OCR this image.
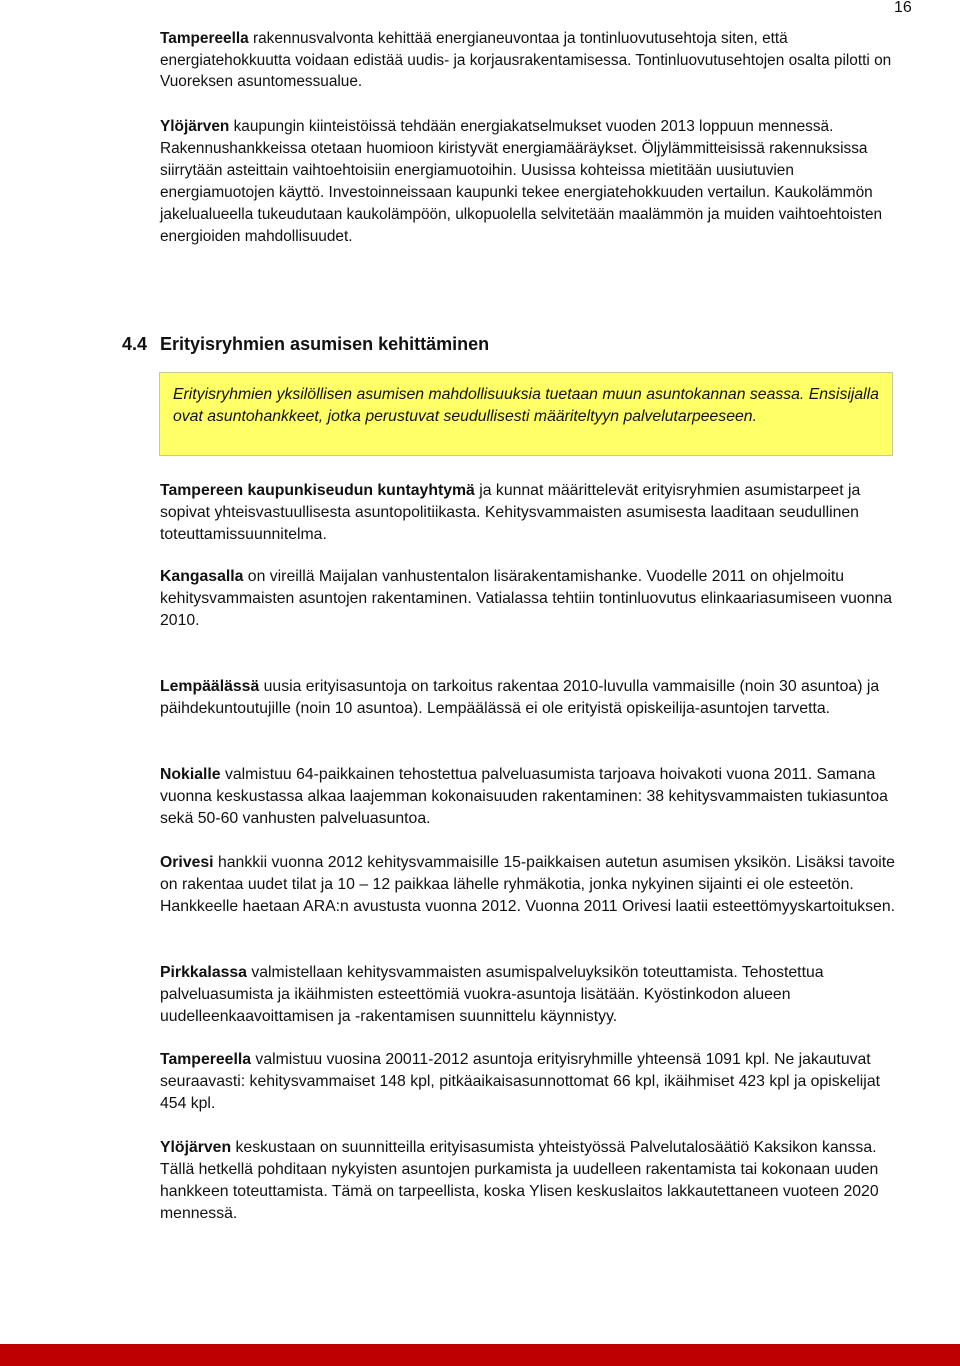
16

Tampereella rakennusvalvonta kehittää energianeuvontaa ja tontinluovutusehtoja siten, että energiatehokkuutta voidaan edistää uudis- ja korjausrakentamisessa. Tontinluovutusehtojen osalta pilotti on Vuoreksen asuntomessualue.

Ylöjärven kaupungin kiinteistöissä tehdään energiakatselmukset vuoden 2013 loppuun mennessä. Rakennushankkeissa otetaan huomioon kiristyvät energiamääräykset. Öljylämmitteisissä rakennuksissa siirrytään asteittain vaihtoehtoisiin energiamuotoihin. Uusissa kohteissa mietitään uusiutuvien energiamuotojen käyttö. Investoinneissaan kaupunki tekee energiatehokkuuden vertailun. Kaukolämmön jakelualueella tukeudutaan kaukolämpöön, ulkopuolella selvitetään maalämmön ja muiden vaihtoehtoisten energioiden mahdollisuudet.

4.4 Erityisryhmien asumisen kehittäminen
Erityisryhmien yksilöllisen asumisen mahdollisuuksia tuetaan muun asuntokannan seassa. Ensisijalla ovat asuntohankkeet, jotka perustuvat seudullisesti määriteltyyn palvelutarpeeseen.

Tampereen kaupunkiseudun kuntayhtymä ja kunnat määrittelevät erityisryhmien asumistarpeet ja sopivat yhteisvastuullisesta asuntopolitiikasta. Kehitysvammaisten asumisesta laaditaan seudullinen toteuttamissuunnitelma.

Kangasalla on vireillä Maijalan vanhustentalon lisärakentamishanke. Vuodelle 2011 on ohjelmoitu kehitysvammaisten asuntojen rakentaminen. Vatialassa tehtiin tontinluovutus elinkaariasumiseen vuonna 2010.

Lempäälässä uusia erityisasuntoja on tarkoitus rakentaa 2010-luvulla vammaisille (noin 30 asuntoa) ja päihdekuntoutujille (noin 10 asuntoa). Lempäälässä ei ole erityistä opiskeilija-asuntojen tarvetta.

Nokialle valmistuu 64-paikkainen tehostettua palveluasumista tarjoava hoivakoti vuona 2011. Samana vuonna keskustassa alkaa laajemman kokonaisuuden rakentaminen: 38 kehitysvammaisten tukiasuntoa sekä 50-60 vanhusten palveluasuntoa.

Orivesi hankkii vuonna 2012 kehitysvammaisille 15-paikkaisen autetun asumisen yksikön. Lisäksi tavoite on rakentaa uudet tilat ja 10 – 12 paikkaa lähelle ryhmäkotia, jonka nykyinen sijainti ei ole esteetön. Hankkeelle haetaan ARA:n avustusta vuonna 2012. Vuonna 2011 Orivesi laatii esteettömyyskartoituksen.

Pirkkalassa valmistellaan kehitysvammaisten asumispalveluyksikön toteuttamista. Tehostettua palveluasumista ja ikäihmisten esteettömiä vuokra-asuntoja lisätään. Kyöstinkodon alueen uudelleenkaavoittamisen ja -rakentamisen suunnittelu käynnistyy.

Tampereella valmistuu vuosina 20011-2012 asuntoja erityisryhmille yhteensä 1091 kpl. Ne jakautuvat seuraavasti: kehitysvammaiset 148 kpl, pitkäaikaisasunnottomat 66 kpl, ikäihmiset 423 kpl ja opiskelijat 454 kpl.

Ylöjärven keskustaan on suunnitteilla erityisasumista yhteistyössä Palvelutalosäätiö Kaksikon kanssa. Tällä hetkellä pohditaan nykyisten asuntojen purkamista ja uudelleen rakentamista tai kokonaan uuden hankkeen toteuttamista. Tämä on tarpeellista, koska Ylisen keskuslaitos lakkautettaneen vuoteen 2020 mennessä.
